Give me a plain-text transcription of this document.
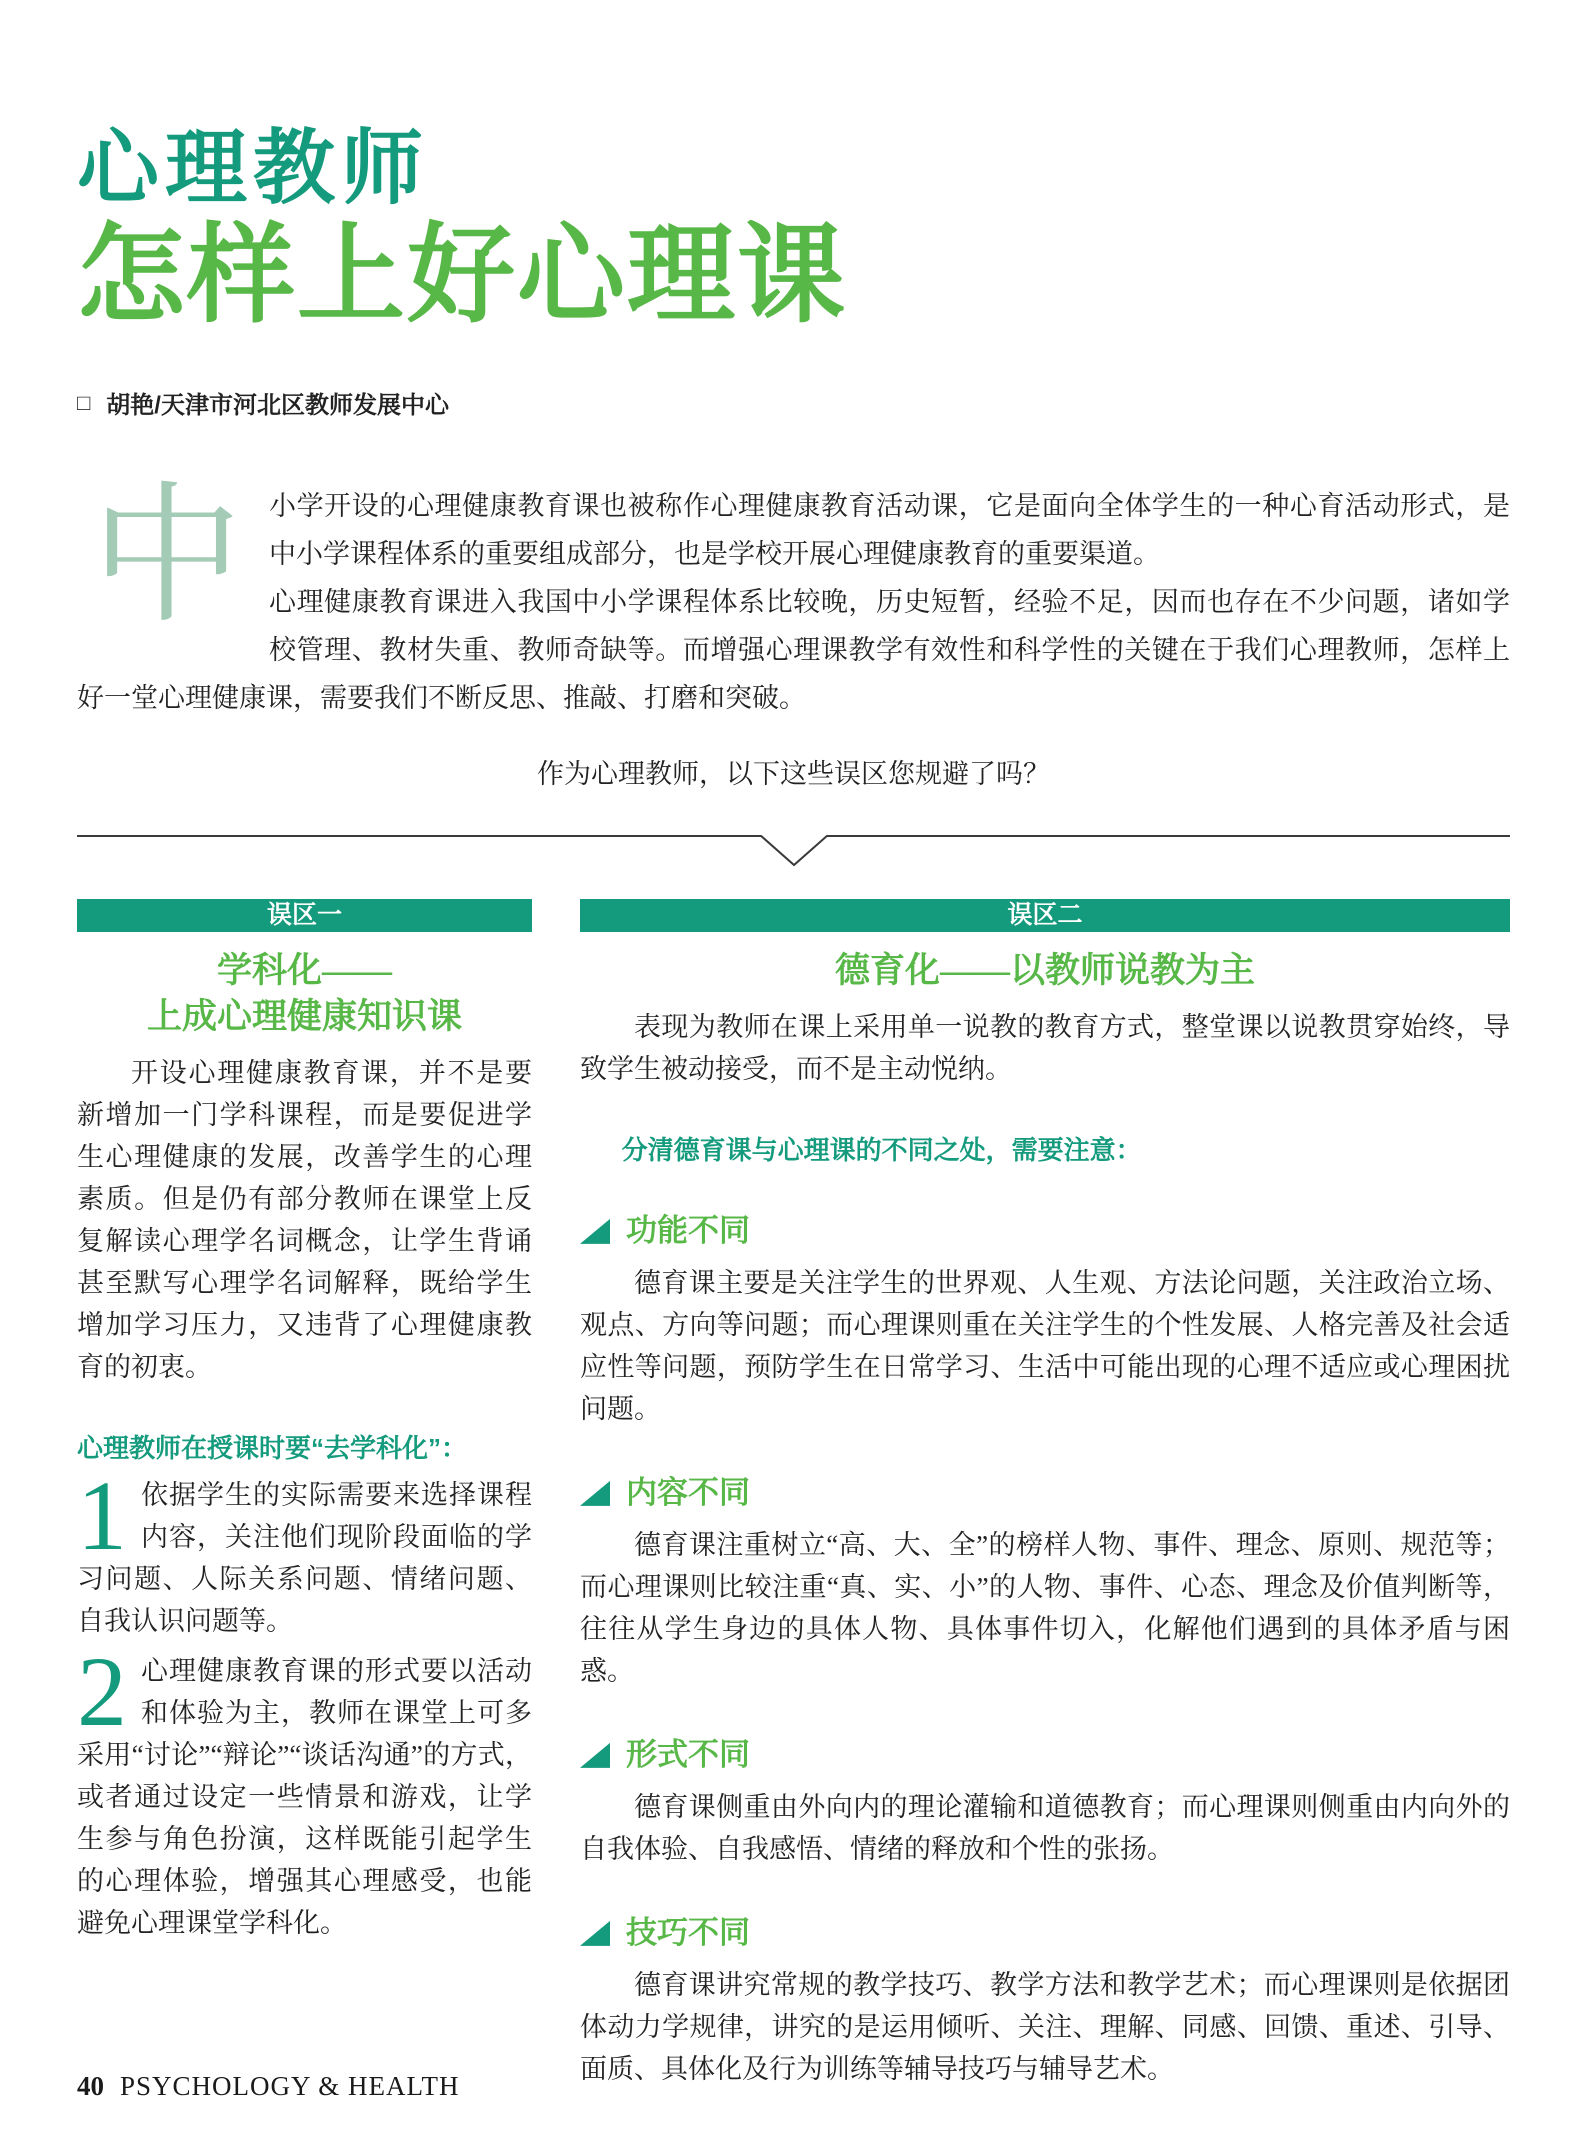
心理教师
怎样上好心理课
□ 胡艳/天津市河北区教师发展中心
中 小学开设的心理健康教育课也被称作心理健康教育活动课，它是面向全体学生的一种心育活动形式，是中小学课程体系的重要组成部分，也是学校开展心理健康教育的重要渠道。

心理健康教育课进入我国中小学课程体系比较晚，历史短暂，经验不足，因而也存在不少问题，诸如学校管理、教材失重、教师奇缺等。而增强心理课教学有效性和科学性的关键在于我们心理教师，怎样上好一堂心理健康课，需要我们不断反思、推敲、打磨和突破。

作为心理教师，以下这些误区您规避了吗？
误区一
学科化——
上成心理健康知识课

开设心理健康教育课，并不是要新增加一门学科课程，而是要促进学生心理健康的发展，改善学生的心理素质。但是仍有部分教师在课堂上反复解读心理学名词概念，让学生背诵甚至默写心理学名词解释，既给学生增加学习压力，又违背了心理健康教育的初衷。

心理教师在授课时要“去学科化”：
1 依据学生的实际需要来选择课程内容，关注他们现阶段面临的学习问题、人际关系问题、情绪问题、自我认识问题等。

2 心理健康教育课的形式要以活动和体验为主，教师在课堂上可多采用“讨论”“辩论”“谈话沟通”的方式，或者通过设定一些情景和游戏，让学生参与角色扮演，这样既能引起学生的心理体验，增强其心理感受，也能避免心理课堂学科化。

误区二
德育化——以教师说教为主

表现为教师在课上采用单一说教的教育方式，整堂课以说教贯穿始终，导致学生被动接受，而不是主动悦纳。

分清德育课与心理课的不同之处，需要注意：
功能不同

德育课主要是关注学生的世界观、人生观、方法论问题，关注政治立场、观点、方向等问题；而心理课则重在关注学生的个性发展、人格完善及社会适应性等问题，预防学生在日常学习、生活中可能出现的心理不适应或心理困扰问题。

内容不同

德育课注重树立“高、大、全”的榜样人物、事件、理念、原则、规范等；而心理课则比较注重“真、实、小”的人物、事件、心态、理念及价值判断等，往往从学生身边的具体人物、具体事件切入，化解他们遇到的具体矛盾与困惑。

形式不同

德育课侧重由外向内的理论灌输和道德教育；而心理课则侧重由内向外的自我体验、自我感悟、情绪的释放和个性的张扬。

技巧不同

德育课讲究常规的教学技巧、教学方法和教学艺术；而心理课则是依据团体动力学规律，讲究的是运用倾听、关注、理解、同感、回馈、重述、引导、面质、具体化及行为训练等辅导技巧与辅导艺术。

40 PSYCHOLOGY & HEALTH
